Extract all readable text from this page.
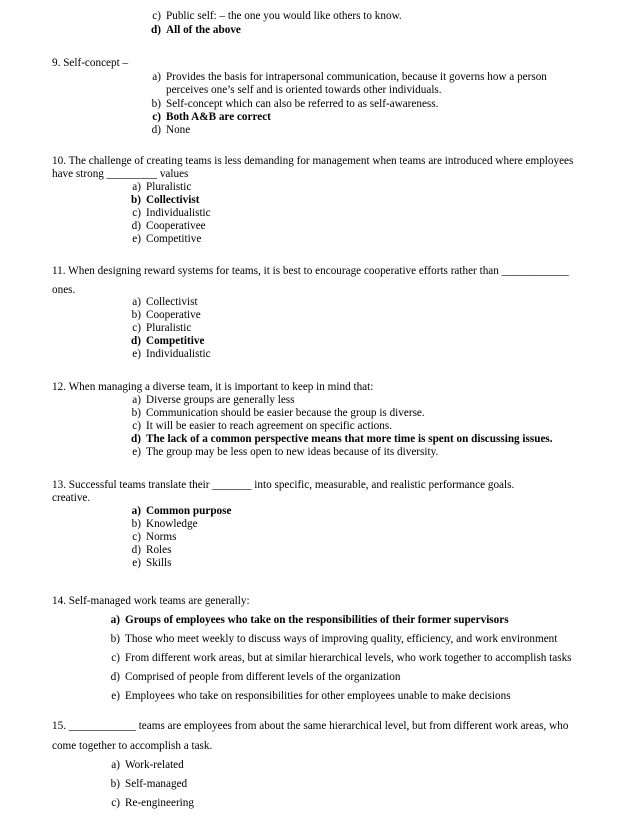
c) Public self: – the one you would like others to know.
d) All of the above
9. Self-concept –
a) Provides the basis for intrapersonal communication, because it governs how a person perceives one’s self and is oriented towards other individuals.
b) Self-concept which can also be referred to as self-awareness.
c) Both A&B are correct
d) None
10. The challenge of creating teams is less demanding for management when teams are introduced where employees
have strong _________ values
a) Pluralistic
b) Collectivist
c) Individualistic
d) Cooperativee
e) Competitive
11. When designing reward systems for teams, it is best to encourage cooperative efforts rather than ____________
ones.
a) Collectivist
b) Cooperative
c) Pluralistic
d) Competitive
e) Individualistic
12. When managing a diverse team, it is important to keep in mind that:
a) Diverse groups are generally less
b) Communication should be easier because the group is diverse.
c) It will be easier to reach agreement on specific actions.
d) The lack of a common perspective means that more time is spent on discussing issues.
e) The group may be less open to new ideas because of its diversity.
13. Successful teams translate their _______ into specific, measurable, and realistic performance goals.
creative.
a) Common purpose
b) Knowledge
c) Norms
d) Roles
e) Skills
14. Self-managed work teams are generally:
a) Groups of employees who take on the responsibilities of their former supervisors
b) Those who meet weekly to discuss ways of improving quality, efficiency, and work environment
c) From different work areas, but at similar hierarchical levels, who work together to accomplish tasks
d) Comprised of people from different levels of the organization
e) Employees who take on responsibilities for other employees unable to make decisions
15. ____________ teams are employees from about the same hierarchical level, but from different work areas, who
come together to accomplish a task.
a) Work-related
b) Self-managed
c) Re-engineering
